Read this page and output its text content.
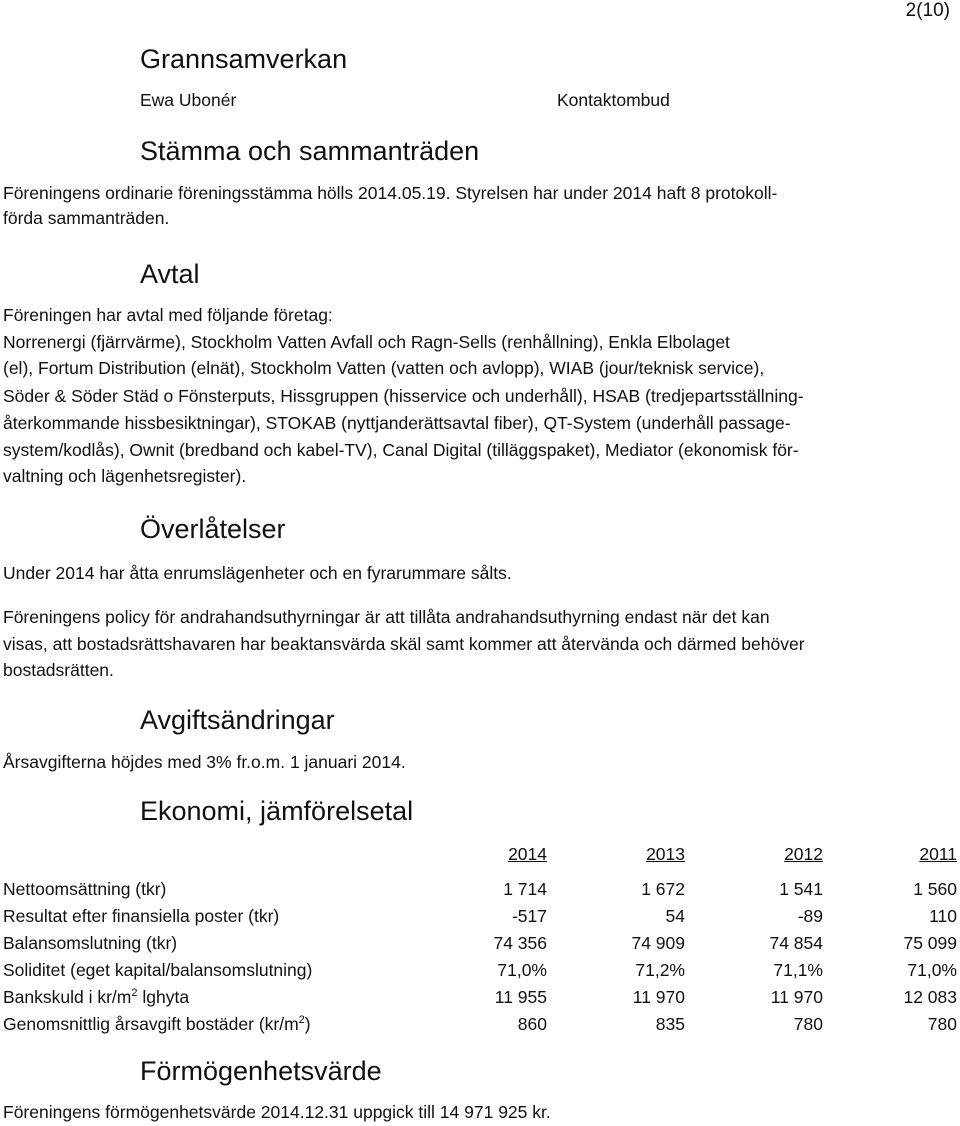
2(10)
Grannsamverkan
Ewa Ubonér	Kontaktombud
Stämma och sammanträden
Föreningens ordinarie föreningsstämma hölls 2014.05.19. Styrelsen har under 2014 haft 8 protokoll-
förda sammanträden.
Avtal
Föreningen har avtal med följande företag:
Norrenergi (fjärrvärme), Stockholm Vatten Avfall och Ragn-Sells (renhållning), Enkla Elbolaget
(el), Fortum Distribution (elnät), Stockholm Vatten (vatten och avlopp), WIAB (jour/teknisk service),
Söder & Söder Städ o Fönsterputs, Hissgruppen (hisservice och underhåll), HSAB (tredjepartsställning-
återkommande hissbesiktningar), STOKAB (nyttjanderättsavtal fiber), QT-System (underhåll passage-
system/kodlås), Ownit (bredband och kabel-TV), Canal Digital (tilläggspaket), Mediator (ekonomisk för-
valtning och lägenhetsregister).
Överlåtelser
Under 2014 har åtta enrumslägenheter och en fyrarummare sålts.
Föreningens policy för andrahandsuthyrningar är att tillåta andrahandsuthyrning endast när det kan
visas, att bostadsrättshavaren har beaktansvärda skäl samt kommer att återvända och därmed behöver
bostadsrätten.
Avgiftsändringar
Årsavgifterna höjdes med 3% fr.o.m. 1 januari 2014.
Ekonomi, jämförelsetal
	2014	2013	2012	2011

Nettoomsättning (tkr)	1 714	1 672	1 541	1 560
Resultat efter finansiella poster (tkr)	-517	54	-89	110
Balansomslutning (tkr)	74 356	74 909	74 854	75 099
Soliditet (eget kapital/balansomslutning)	71,0%	71,2%	71,1%	71,0%
Bankskuld i $kr/m^2$ lghyta	11 955	11 970	11 970	12 083
Genomsnittlig årsavgift bostäder $(kr/m^2)$	860	835	780	780
Förmögenhetsvärde
Föreningens förmögenhetsvärde 2014.12.31 uppgick till 14 971 925 kr.
